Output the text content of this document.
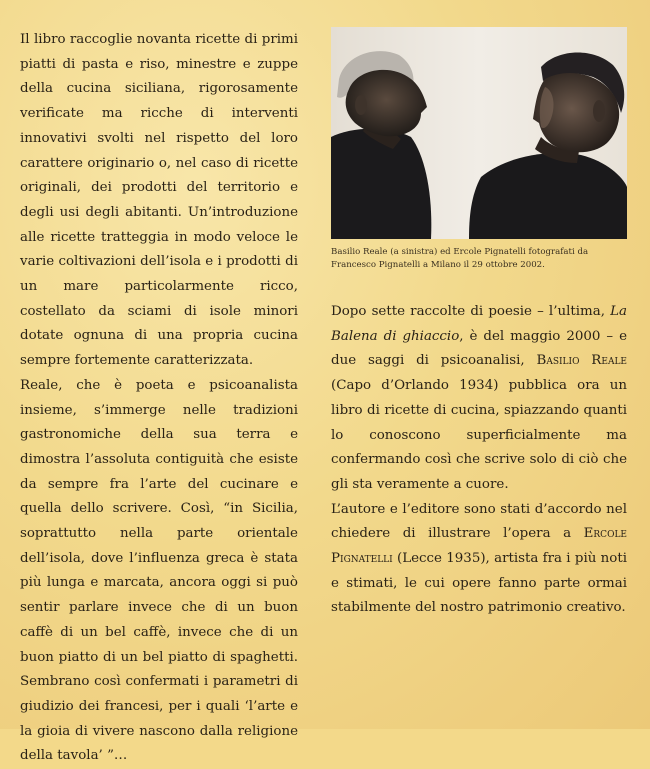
Il libro raccoglie novanta ricette di primi piatti di pasta e riso, minestre e zuppe della cucina siciliana, rigorosamente verificate ma ricche di interventi innovativi svolti nel rispetto del loro carattere originario o, nel caso di ricette originali, dei prodotti del territorio e degli usi degli abitanti. Un’introduzione alle ricette tratteggia in modo veloce le varie coltivazioni dell’isola e i prodotti di un mare particolarmente ricco, costellato da sciami di isole minori dotate ognuna di una propria cucina sempre fortemente caratterizzata.

Reale, che è poeta e psicoanalista insieme, s’immerge nelle tradizioni gastronomiche della sua terra e dimostra l’assoluta contiguità che esiste da sempre fra l’arte del cucinare e quella dello scrivere. Così, “in Sicilia, soprattutto nella parte orientale dell’isola, dove l’influenza greca è stata più lunga e marcata, ancora oggi si può sentir parlare invece che di un buon caffè di un bel caffè, invece che di un buon piatto di un bel piatto di spaghetti. Sembrano così confermati i parametri di giudizio dei francesi, per i quali ‘l’arte e la gioia di vivere nascono dalla religione della tavola’ ”…

Basilio Reale (a sinistra) ed Ercole Pignatelli fotografati da Francesco Pignatelli a Milano il 29 ottobre 2002.

Dopo sette raccolte di poesie – l’ultima, La Balena di ghiaccio, è del maggio 2000 – e due saggi di psicoanalisi, Basilio Reale (Capo d’Orlando 1934) pubblica ora un libro di ricette di cucina, spiazzando quanti lo conoscono superficialmente ma confermando così che scrive solo di ciò che gli sta veramente a cuore.

L’autore e l’editore sono stati d’accordo nel chiedere di illustrare l’opera a Ercole Pignatelli (Lecce 1935), artista fra i più noti e stimati, le cui opere fanno parte ormai stabilmente del nostro patrimonio creativo.
